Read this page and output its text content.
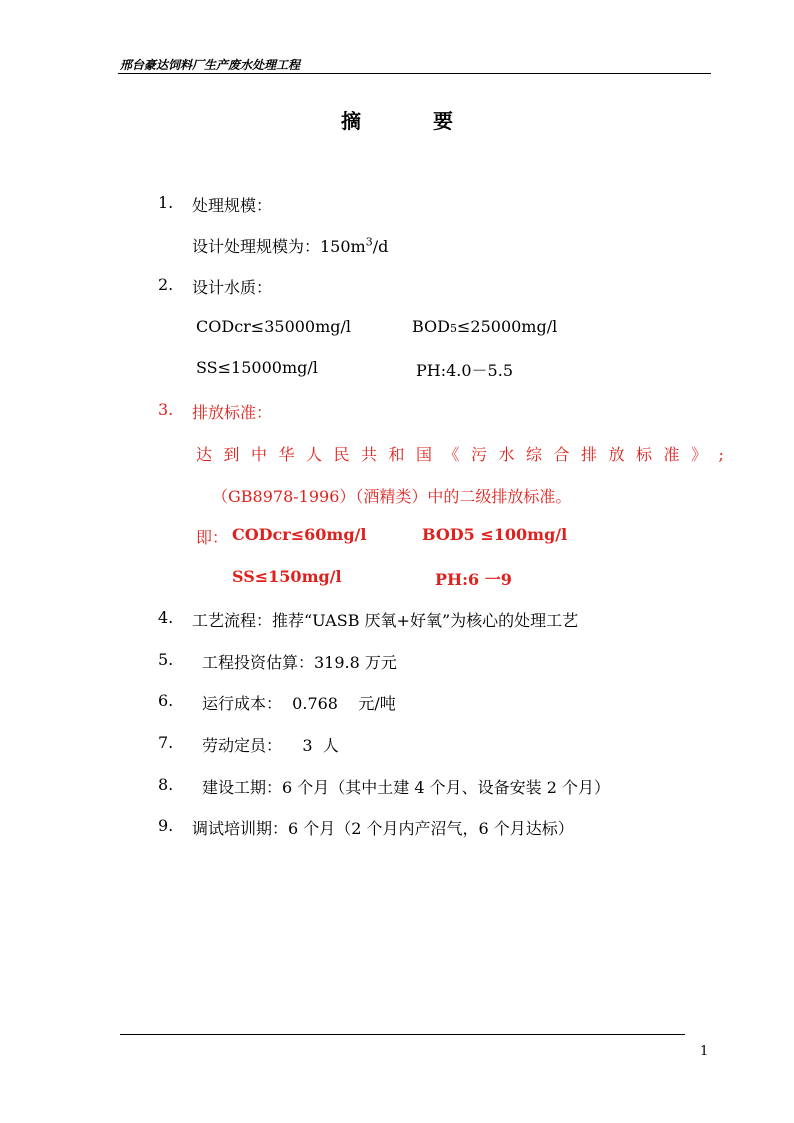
邢台豪达饲料厂生产废水处理工程
摘	要
1. 处理规模：
设计处理规模为：$150m^3/d$
2. 设计水质：
CODcr≤35000mg/l	BOD5≤25000mg/l
SS≤15000mg/l	PH:4.0－5.5
3. 排放标准：
达到中华人民共和国《污水综合排放标准》;
（GB8978-1996）（酒精类）中的二级排放标准。
即： CODcr≤60mg/l	BOD5 ≤100mg/l
SS≤150mg/l	PH:6 一9
4. 工艺流程：推荐“UASB 厌氧+好氧”为核心的处理工艺
5. 工程投资估算：319.8 万元
6. 运行成本：  0.768    元/吨
7. 劳动定员：    3  人
8. 建设工期：6 个月（其中土建 4 个月、设备安装 2 个月）
9. 调试培训期：6 个月（2 个月内产沼气，6 个月达标）
1
